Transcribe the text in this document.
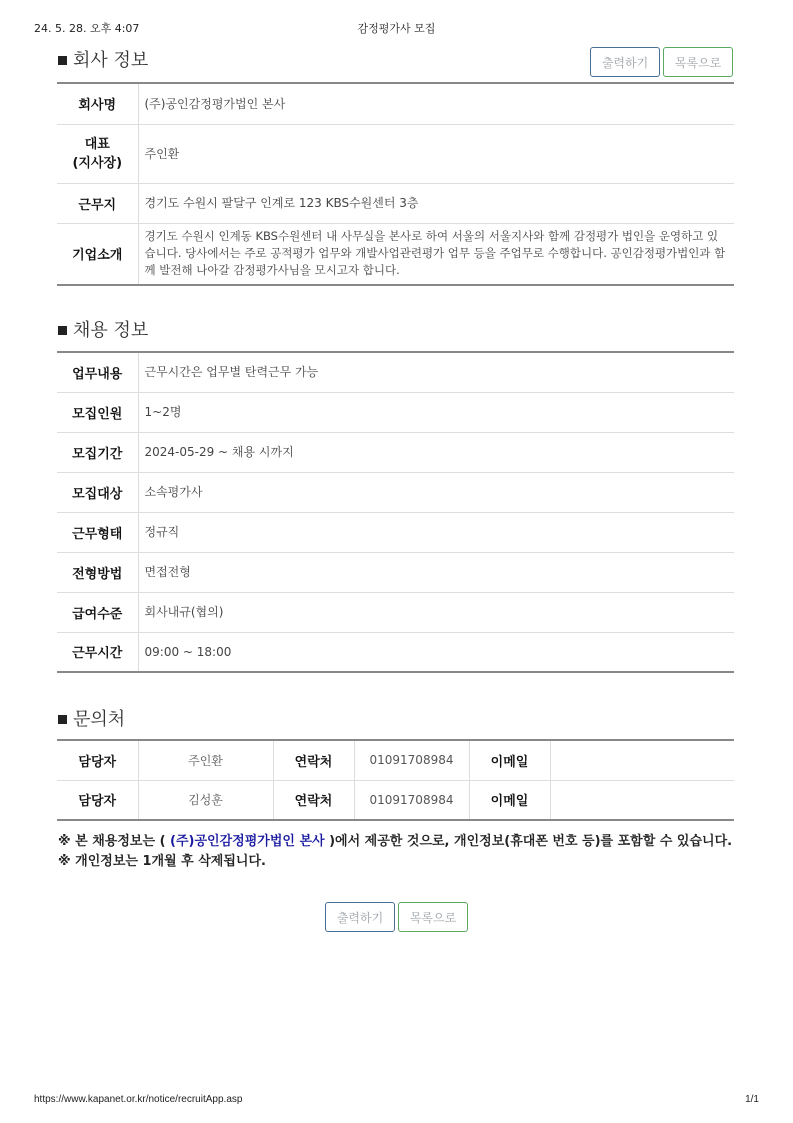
24. 5. 28. 오후 4:07	감정평가사 모집
회사 정보	출력하기	목록으로
회사명	(주)공인감정평가법인 본사
대표
(지사장)	주인환
근무지	경기도 수원시 팔달구 인계로 123 KBS수원센터 3층
기업소개	경기도 수원시 인계동 KBS수원센터 내 사무실을 본사로 하여 서울의 서울지사와 함께 감정평가 법인을 운영하고 있습니다. 당사에서는 주로 공적평가 업무와 개발사업관련평가 업무 등을 주업무로 수행합니다. 공인감정평가법인과 함께 발전해 나아갈 감정평가사님을 모시고자 합니다.
채용 정보
업무내용	근무시간은 업무별 탄력근무 가능
모집인원	1~2명
모집기간	2024-05-29 ~ 채용 시까지
모집대상	소속평가사
근무형태	정규직
전형방법	면접전형
급여수준	회사내규(협의)
근무시간	09:00 ~ 18:00
문의처
담당자	주인환	연락처	01091708984	이메일	
담당자	김성훈	연락처	01091708984	이메일	
※ 본 채용정보는 ( (주)공인감정평가법인 본사 )에서 제공한 것으로, 개인정보(휴대폰 번호 등)를 포함할 수 있습니다.
※ 개인정보는 1개월 후 삭제됩니다.
출력하기	목록으로
https://www.kapanet.or.kr/notice/recruitApp.asp	1/1
